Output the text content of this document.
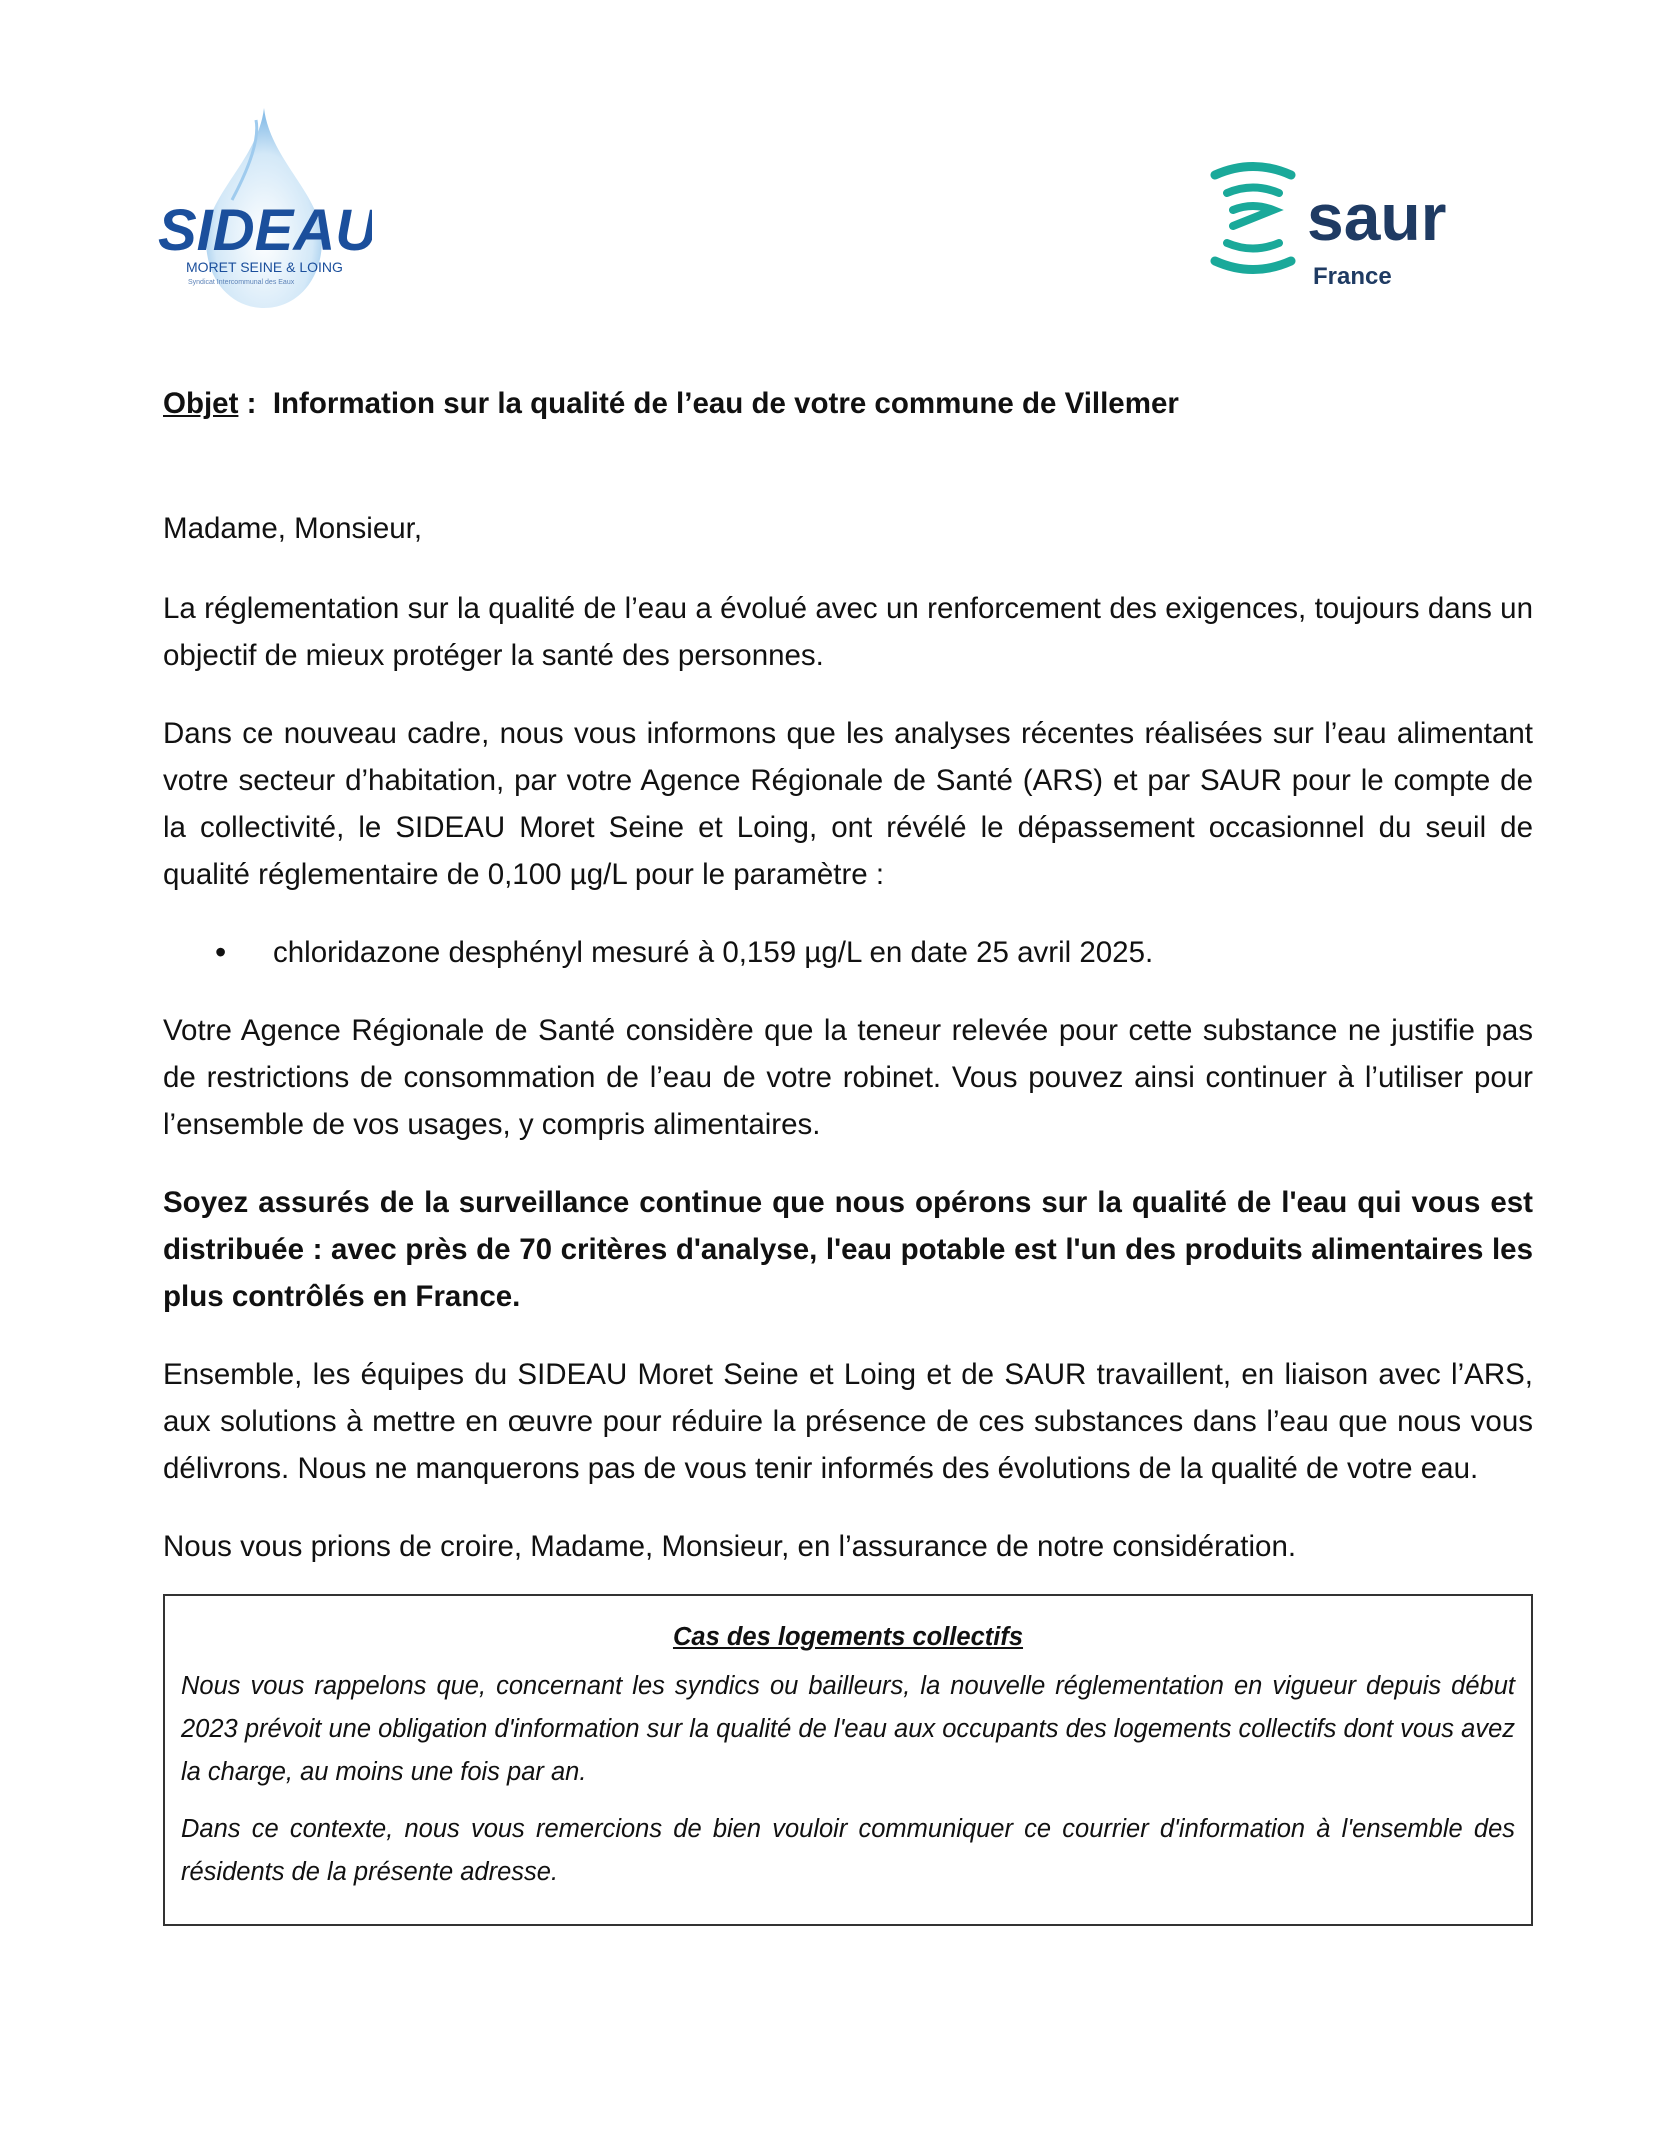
SIDEAU
MORET SEINE & LOING
Syndicat Intercommunal des Eaux
saur
France
Objet :  Information sur la qualité de l’eau de votre commune de Villemer

Madame, Monsieur,

La réglementation sur la qualité de l’eau a évolué avec un renforcement des exigences, toujours dans un objectif de mieux protéger la santé des personnes.

Dans ce nouveau cadre, nous vous informons que les analyses récentes réalisées sur l’eau alimentant votre secteur d’habitation, par votre Agence Régionale de Santé (ARS) et par SAUR pour le compte de la collectivité, le SIDEAU Moret Seine et Loing, ont révélé le dépassement occasionnel du seuil de qualité réglementaire de 0,100 µg/L pour le paramètre :

• chloridazone desphényl mesuré à 0,159 µg/L en date 25 avril 2025.

Votre Agence Régionale de Santé considère que la teneur relevée pour cette substance ne justifie pas de restrictions de consommation de l’eau de votre robinet. Vous pouvez ainsi continuer à l’utiliser pour l’ensemble de vos usages, y compris alimentaires.

Soyez assurés de la surveillance continue que nous opérons sur la qualité de l'eau qui vous est distribuée : avec près de 70 critères d'analyse, l'eau potable est l'un des produits alimentaires les plus contrôlés en France.

Ensemble, les équipes du SIDEAU Moret Seine et Loing et de SAUR travaillent, en liaison avec l’ARS, aux solutions à mettre en œuvre pour réduire la présence de ces substances dans l’eau que nous vous délivrons. Nous ne manquerons pas de vous tenir informés des évolutions de la qualité de votre eau.

Nous vous prions de croire, Madame, Monsieur, en l’assurance de notre considération.

Cas des logements collectifs

Nous vous rappelons que, concernant les syndics ou bailleurs, la nouvelle réglementation en vigueur depuis début 2023 prévoit une obligation d'information sur la qualité de l'eau aux occupants des logements collectifs dont vous avez la charge, au moins une fois par an.

Dans ce contexte, nous vous remercions de bien vouloir communiquer ce courrier d'information à l'ensemble des résidents de la présente adresse.
